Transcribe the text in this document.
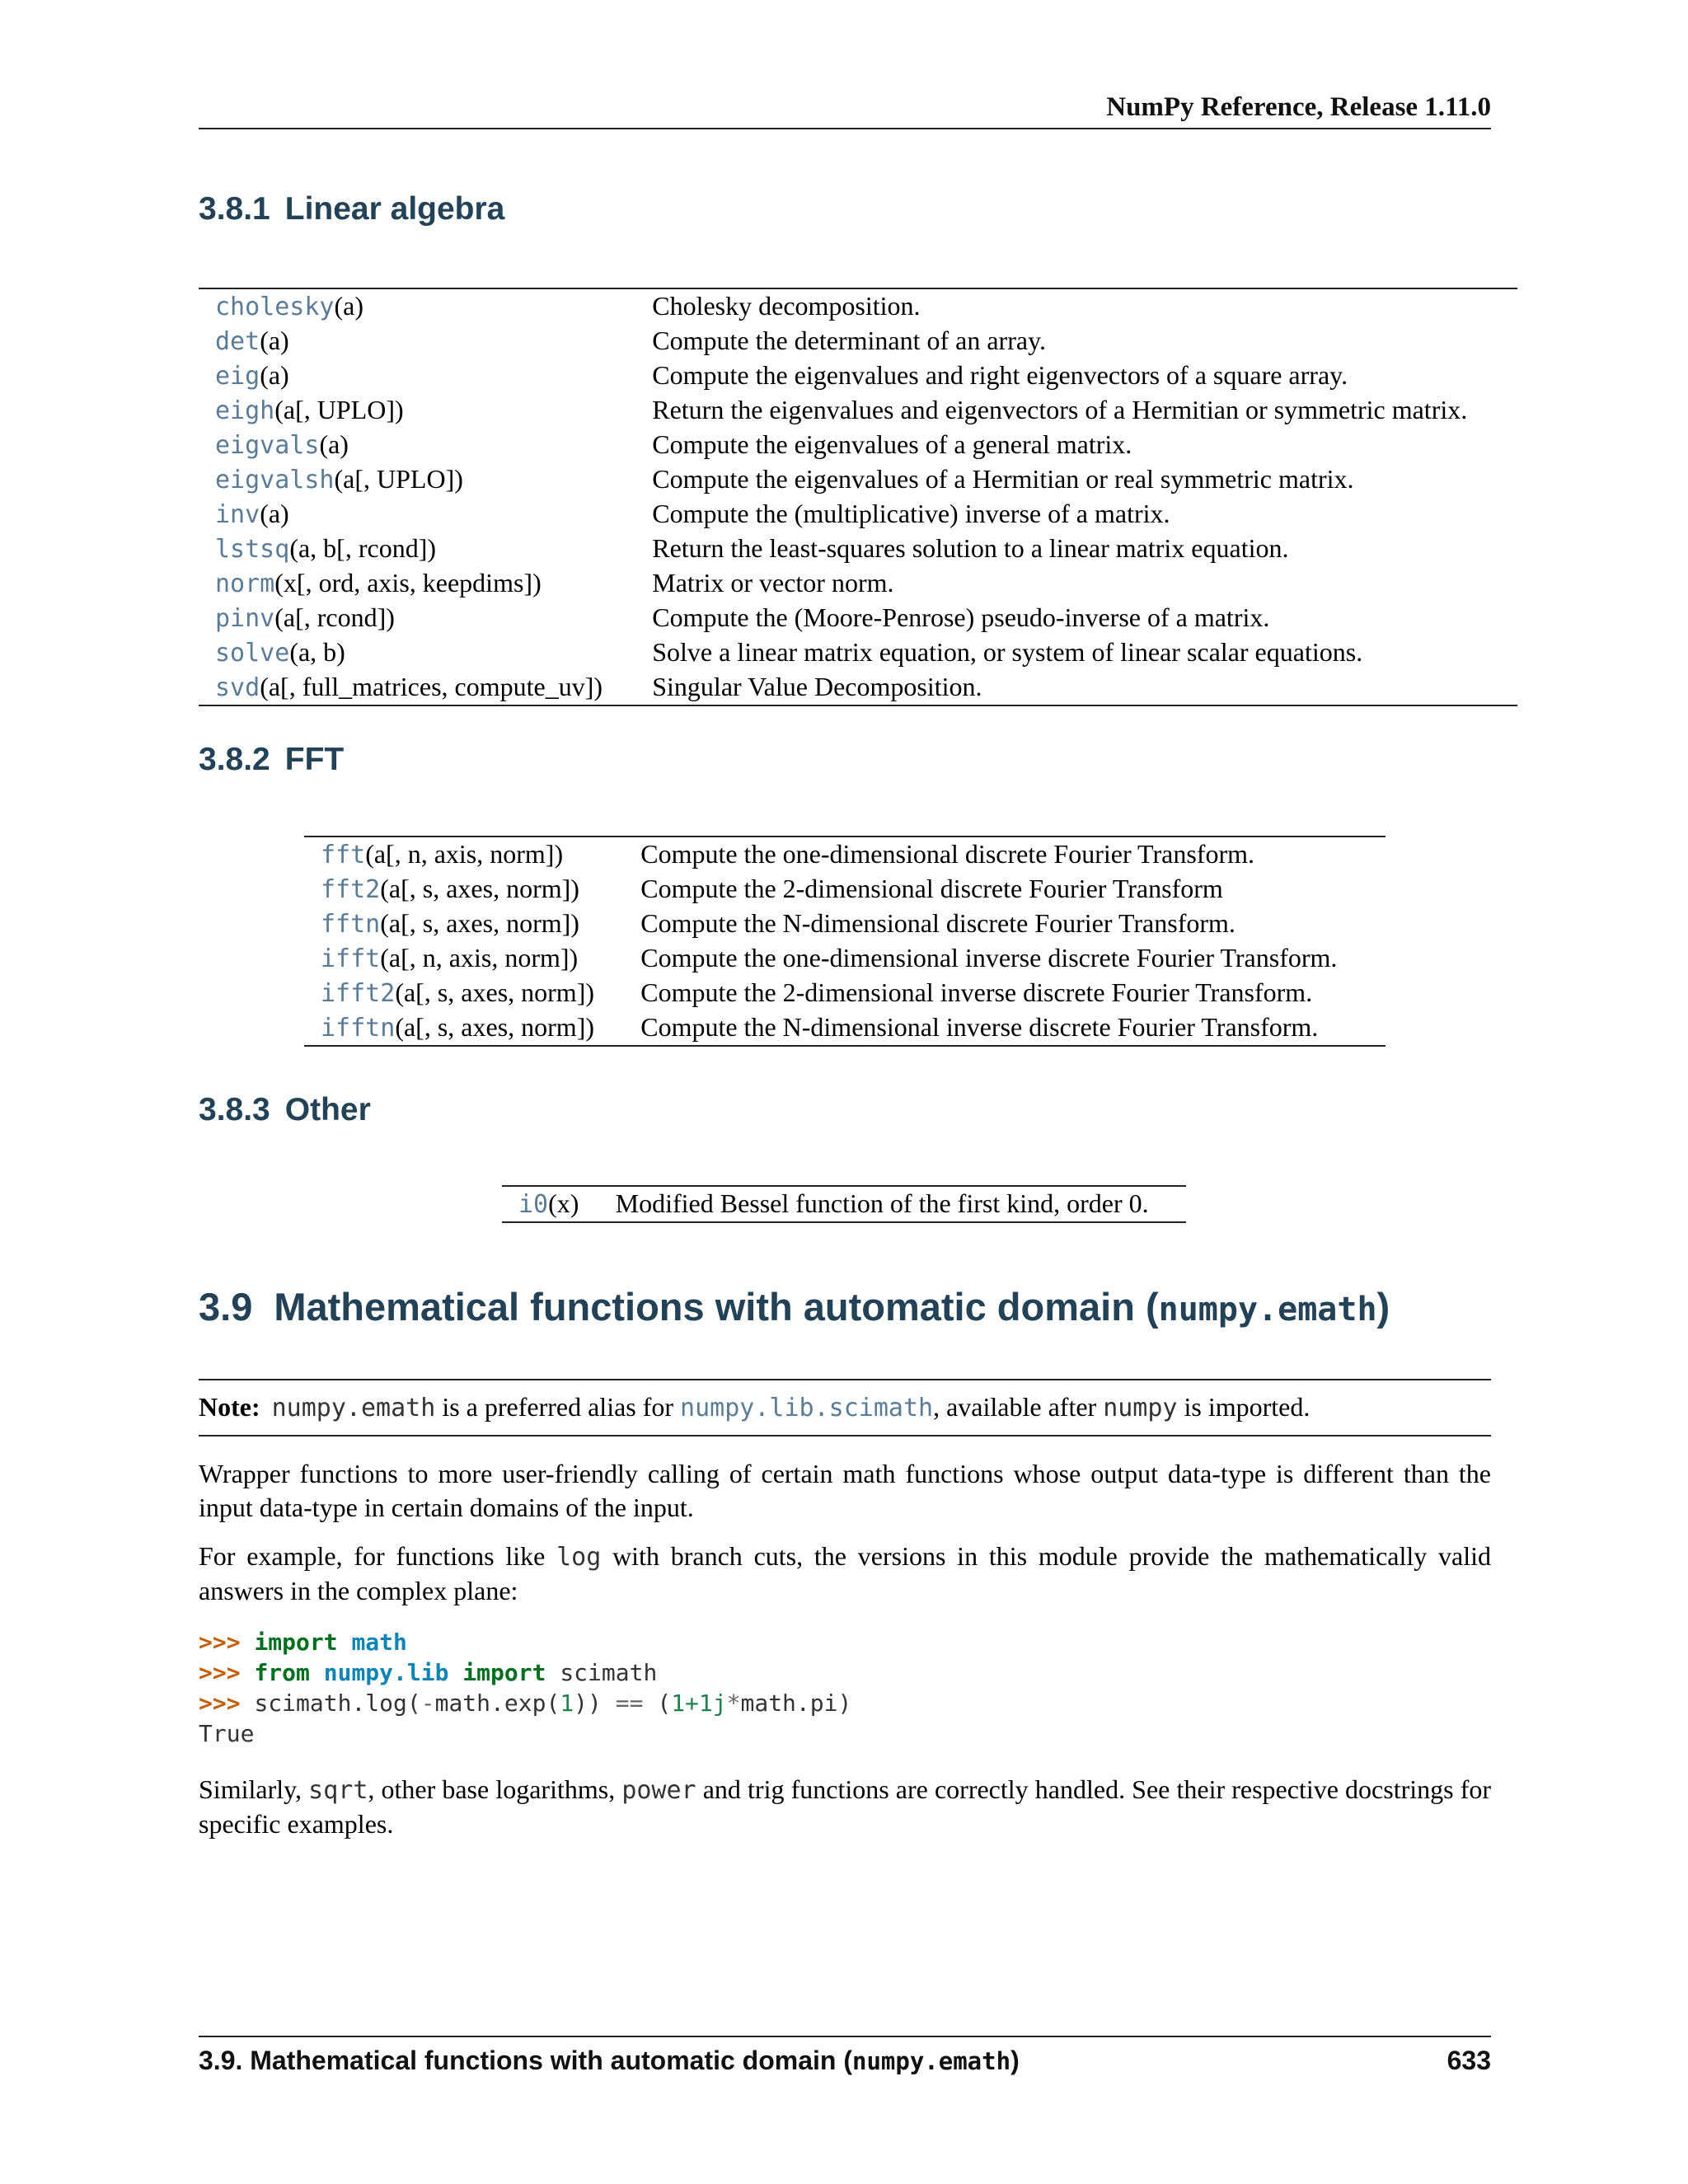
NumPy Reference, Release 1.11.0
3.8.1 Linear algebra
cholesky(a)	Cholesky decomposition.
det(a)	Compute the determinant of an array.
eig(a)	Compute the eigenvalues and right eigenvectors of a square array.
eigh(a[, UPLO])	Return the eigenvalues and eigenvectors of a Hermitian or symmetric matrix.
eigvals(a)	Compute the eigenvalues of a general matrix.
eigvalsh(a[, UPLO])	Compute the eigenvalues of a Hermitian or real symmetric matrix.
inv(a)	Compute the (multiplicative) inverse of a matrix.
lstsq(a, b[, rcond])	Return the least-squares solution to a linear matrix equation.
norm(x[, ord, axis, keepdims])	Matrix or vector norm.
pinv(a[, rcond])	Compute the (Moore-Penrose) pseudo-inverse of a matrix.
solve(a, b)	Solve a linear matrix equation, or system of linear scalar equations.
svd(a[, full_matrices, compute_uv])	Singular Value Decomposition.
3.8.2 FFT
fft(a[, n, axis, norm])	Compute the one-dimensional discrete Fourier Transform.
fft2(a[, s, axes, norm])	Compute the 2-dimensional discrete Fourier Transform
fftn(a[, s, axes, norm])	Compute the N-dimensional discrete Fourier Transform.
ifft(a[, n, axis, norm])	Compute the one-dimensional inverse discrete Fourier Transform.
ifft2(a[, s, axes, norm])	Compute the 2-dimensional inverse discrete Fourier Transform.
ifftn(a[, s, axes, norm])	Compute the N-dimensional inverse discrete Fourier Transform.
3.8.3 Other
i0(x)	Modified Bessel function of the first kind, order 0.
3.9 Mathematical functions with automatic domain (numpy.emath)
Note: numpy.emath is a preferred alias for numpy.lib.scimath, available after numpy is imported.
Wrapper functions to more user-friendly calling of certain math functions whose output data-type is different than the input data-type in certain domains of the input.
For example, for functions like log with branch cuts, the versions in this module provide the mathematically valid answers in the complex plane:
>>> import math
>>> from numpy.lib import scimath
>>> scimath.log(-math.exp(1)) == (1+1j*math.pi)
True
Similarly, sqrt, other base logarithms, power and trig functions are correctly handled. See their respective docstrings for specific examples.
3.9. Mathematical functions with automatic domain (numpy.emath)	633
